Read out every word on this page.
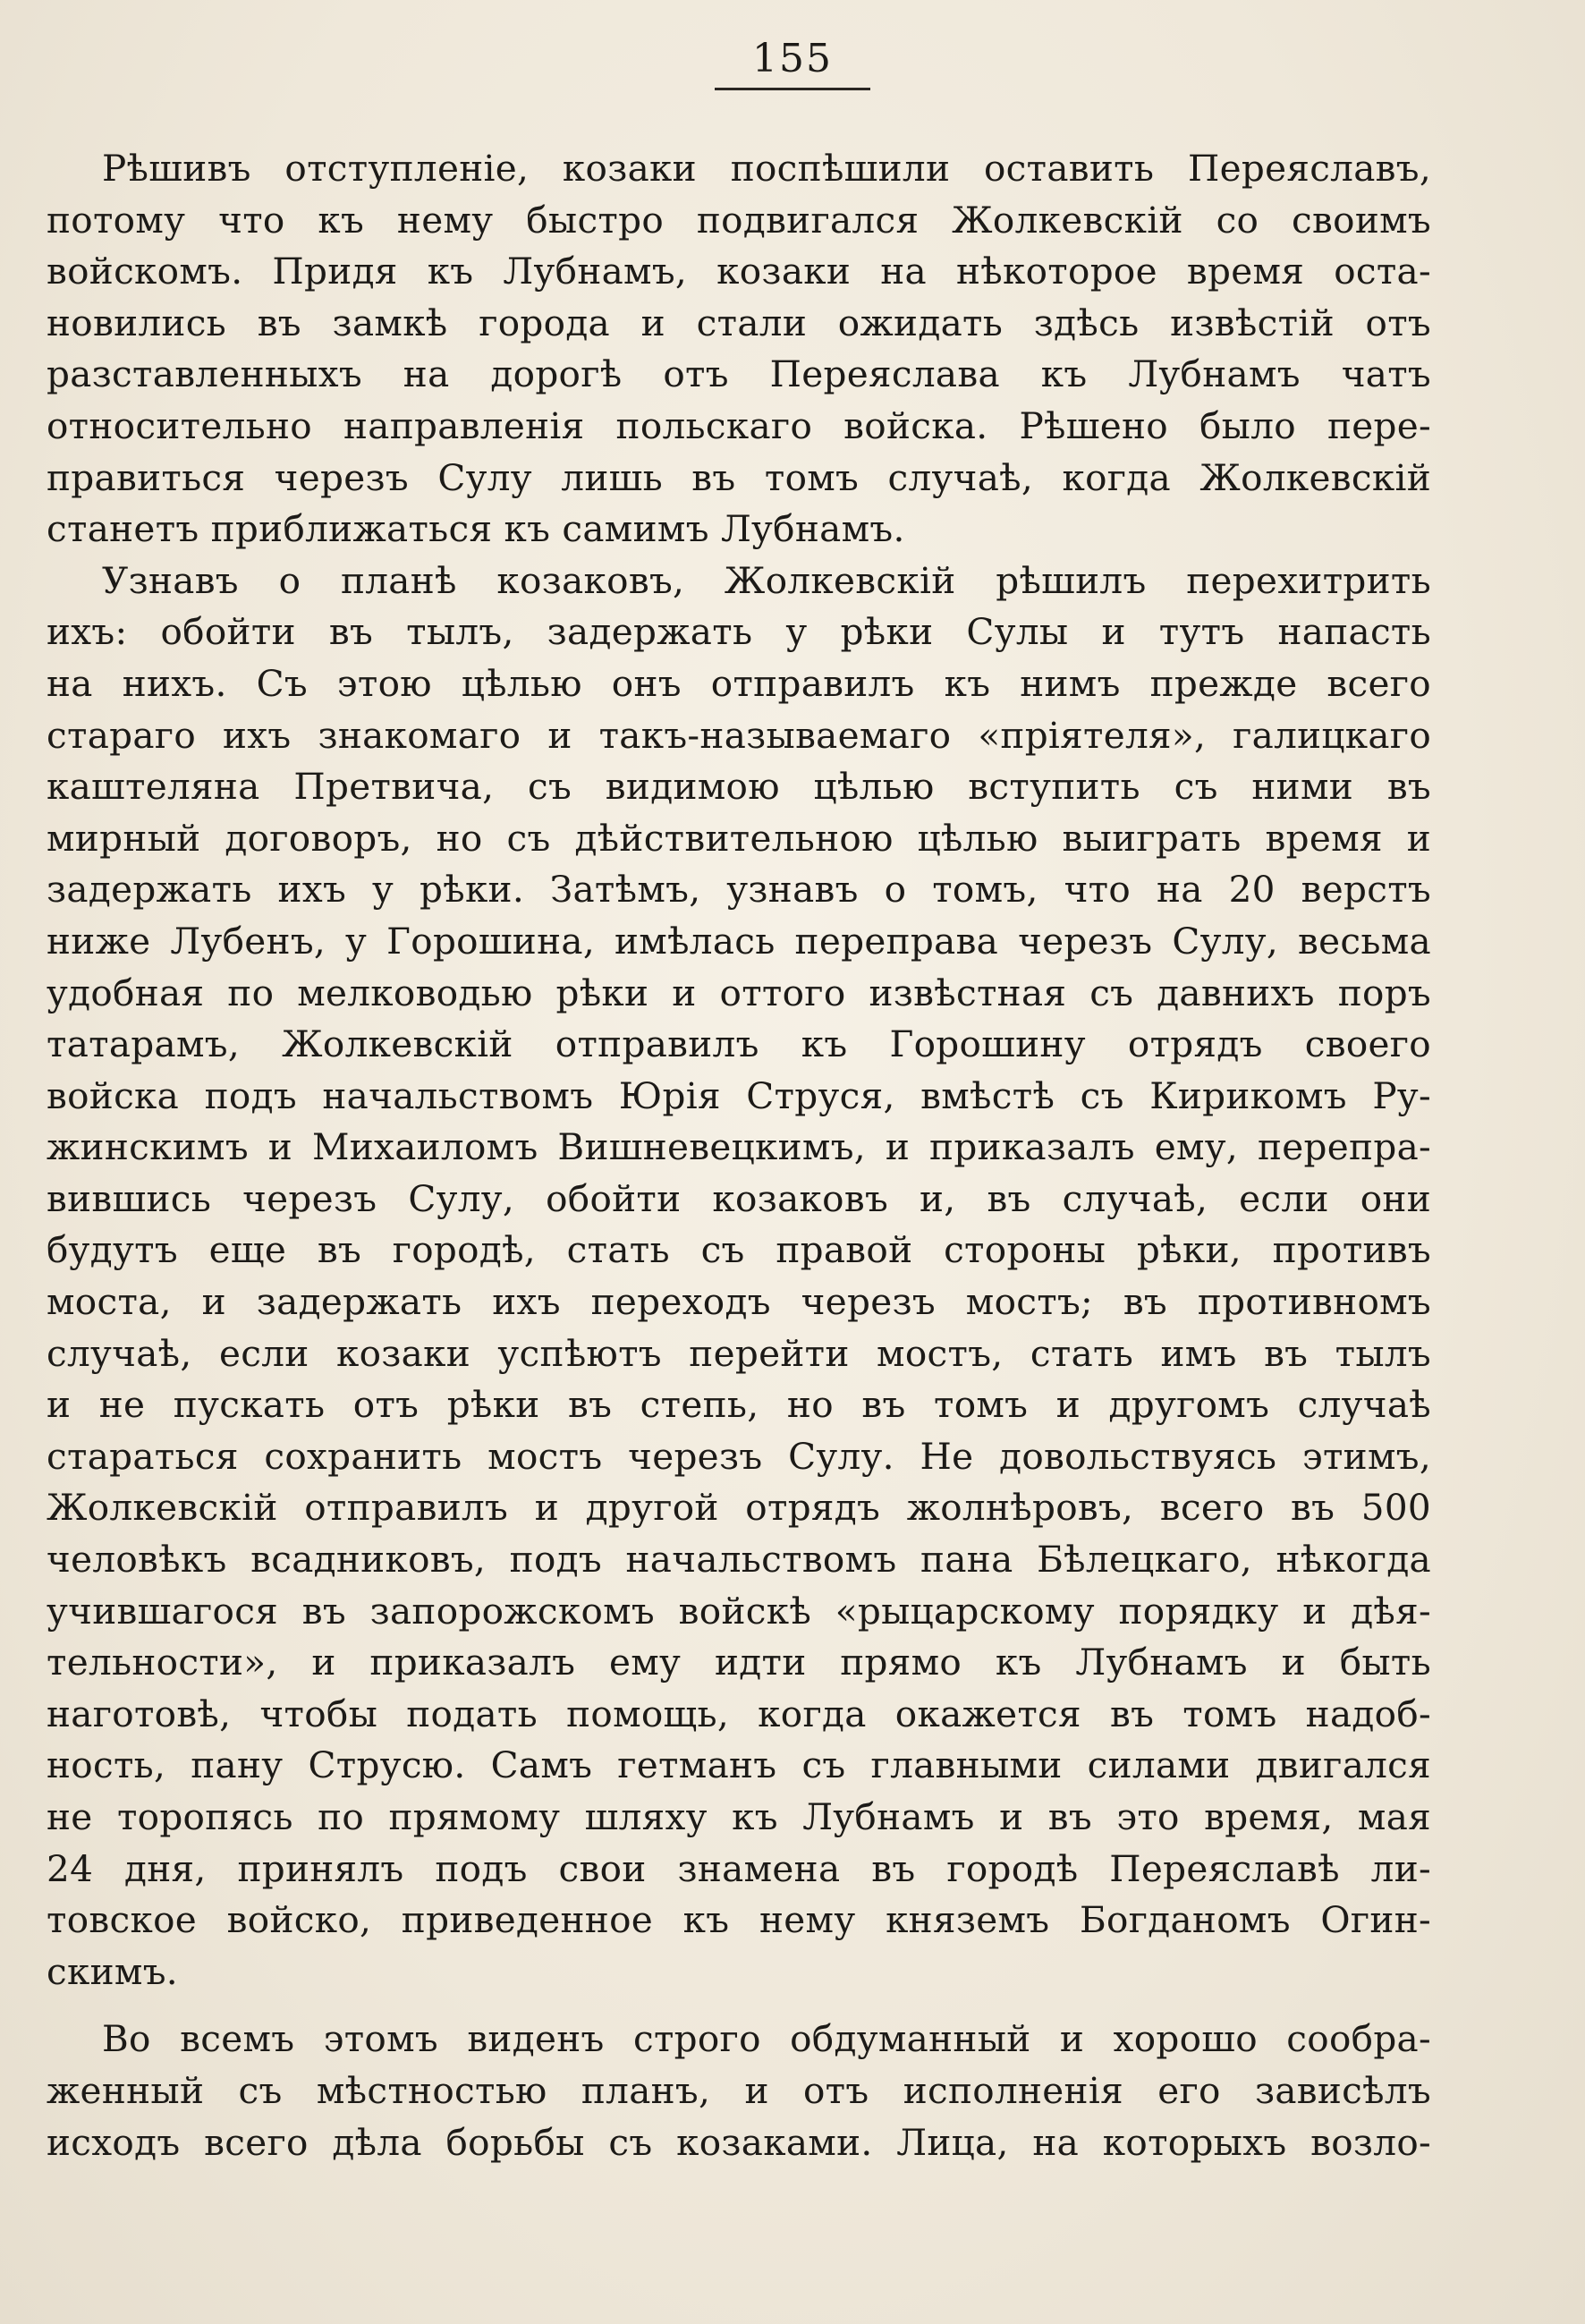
155

Рѣшивъ отступленіе, козаки поспѣшили оставить Переяславъ,
потому что къ нему быстро подвигался Жолкевскій со своимъ
войскомъ. Придя къ Лубнамъ, козаки на нѣкоторое время оста-
новились въ замкѣ города и стали ожидать здѣсь извѣстій отъ
разставленныхъ на дорогѣ отъ Переяслава къ Лубнамъ чатъ
относительно направленія польскаго войска. Рѣшено было пере-
правиться черезъ Сулу лишь въ томъ случаѣ, когда Жолкевскій
станетъ приближаться къ самимъ Лубнамъ.

Узнавъ о планѣ козаковъ, Жолкевскій рѣшилъ перехитрить
ихъ: обойти въ тылъ, задержать у рѣки Сулы и тутъ напасть
на нихъ. Съ этою цѣлью онъ отправилъ къ нимъ прежде всего
стараго ихъ знакомаго и такъ-называемаго «пріятеля», галицкаго
каштеляна Претвича, съ видимою цѣлью вступить съ ними въ
мирный договоръ, но съ дѣйствительною цѣлью выиграть время и
задержать ихъ у рѣки. Затѣмъ, узнавъ о томъ, что на 20 верстъ
ниже Лубенъ, у Горошина, имѣлась переправа черезъ Сулу, весьма
удобная по мелководью рѣки и оттого извѣстная съ давнихъ поръ
татарамъ, Жолкевскій отправилъ къ Горошину отрядъ своего
войска подъ начальствомъ Юрія Струся, вмѣстѣ съ Кирикомъ Ру-
жинскимъ и Михаиломъ Вишневецкимъ, и приказалъ ему, перепра-
вившись черезъ Сулу, обойти козаковъ и, въ случаѣ, если они
будутъ еще въ городѣ, стать съ правой стороны рѣки, противъ
моста, и задержать ихъ переходъ черезъ мостъ; въ противномъ
случаѣ, если козаки успѣютъ перейти мостъ, стать имъ въ тылъ
и не пускать отъ рѣки въ степь, но въ томъ и другомъ случаѣ
стараться сохранить мостъ черезъ Сулу. Не довольствуясь этимъ,
Жолкевскій отправилъ и другой отрядъ жолнѣровъ, всего въ 500
человѣкъ всадниковъ, подъ начальствомъ пана Бѣлецкаго, нѣкогда
учившагося въ запорожскомъ войскѣ «рыцарскому порядку и дѣя-
тельности», и приказалъ ему идти прямо къ Лубнамъ и быть
наготовѣ, чтобы подать помощь, когда окажется въ томъ надоб-
ность, пану Струсю. Самъ гетманъ съ главными силами двигался
не торопясь по прямому шляху къ Лубнамъ и въ это время, мая
24 дня, принялъ подъ свои знамена въ городѣ Переяславѣ ли-
товское войско, приведенное къ нему княземъ Богданомъ Огин-
скимъ.

Во всемъ этомъ виденъ строго обдуманный и хорошо сообра-
женный съ мѣстностью планъ, и отъ исполненія его зависѣлъ
исходъ всего дѣла борьбы съ козаками. Лица, на которыхъ возло-
